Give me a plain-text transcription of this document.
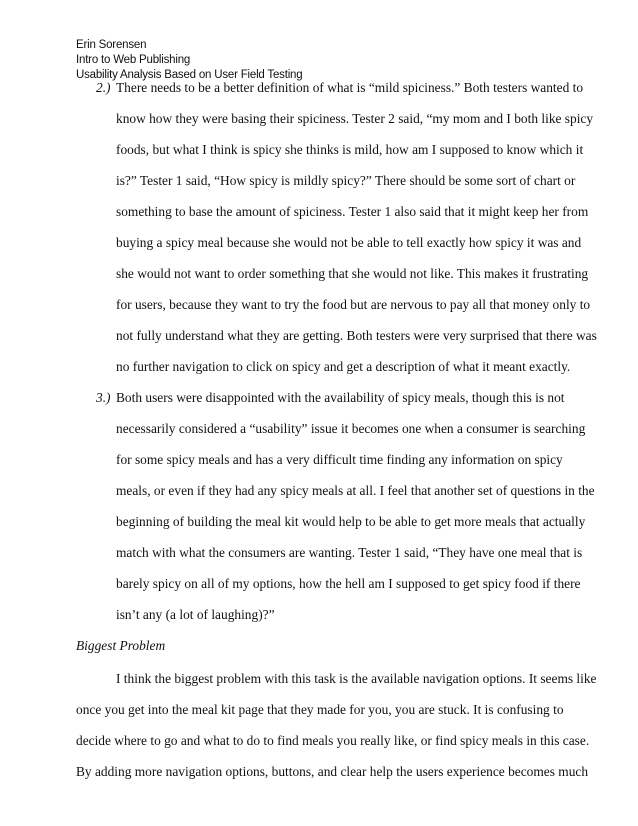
Erin Sorensen
Intro to Web Publishing
Usability Analysis Based on User Field Testing
2.) There needs to be a better definition of what is “mild spiciness.” Both testers wanted to
know how they were basing their spiciness. Tester 2 said, “my mom and I both like spicy
foods, but what I think is spicy she thinks is mild, how am I supposed to know which it
is?” Tester 1 said, “How spicy is mildly spicy?” There should be some sort of chart or
something to base the amount of spiciness. Tester 1 also said that it might keep her from
buying a spicy meal because she would not be able to tell exactly how spicy it was and
she would not want to order something that she would not like. This makes it frustrating
for users, because they want to try the food but are nervous to pay all that money only to
not fully understand what they are getting. Both testers were very surprised that there was
no further navigation to click on spicy and get a description of what it meant exactly.
3.) Both users were disappointed with the availability of spicy meals, though this is not
necessarily considered a “usability” issue it becomes one when a consumer is searching
for some spicy meals and has a very difficult time finding any information on spicy
meals, or even if they had any spicy meals at all. I feel that another set of questions in the
beginning of building the meal kit would help to be able to get more meals that actually
match with what the consumers are wanting. Tester 1 said, “They have one meal that is
barely spicy on all of my options, how the hell am I supposed to get spicy food if there
isn’t any (a lot of laughing)?”
Biggest Problem
I think the biggest problem with this task is the available navigation options. It seems like
once you get into the meal kit page that they made for you, you are stuck. It is confusing to
decide where to go and what to do to find meals you really like, or find spicy meals in this case.
By adding more navigation options, buttons, and clear help the users experience becomes much
